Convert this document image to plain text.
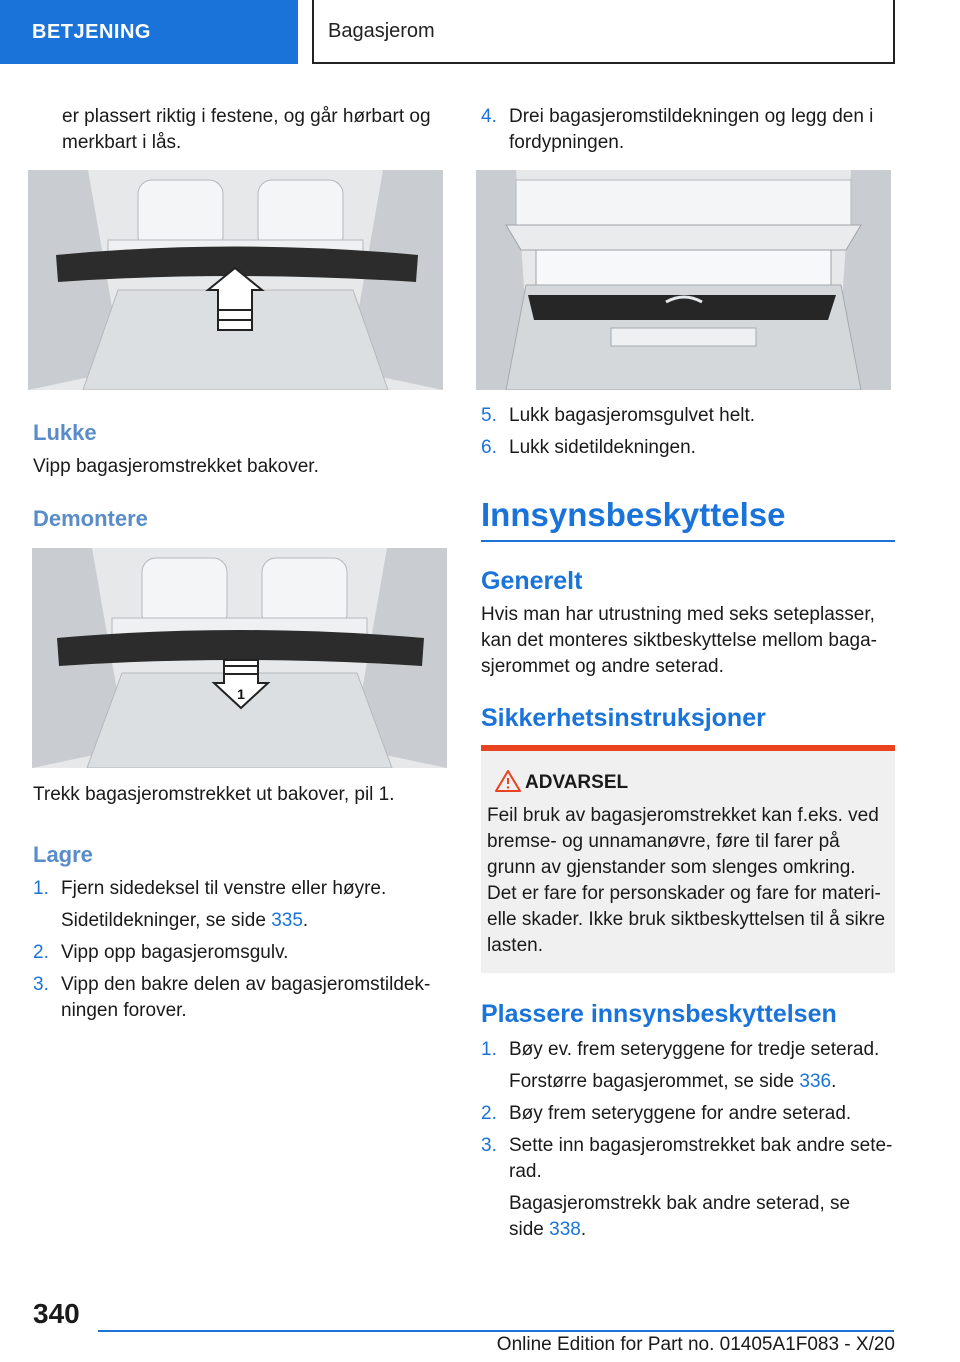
BETJENING	Bagasjerom

er plassert riktig i festene, og går hørbart og merkbart i lås.

Lukke

Vipp bagasjeromstrekket bakover.

Demontere
1

Trekk bagasjeromstrekket ut bakover, pil 1.

Lagre
1. Fjern sidedeksel til venstre eller høyre.
Sidetildekninger, se side 335.
2. Vipp opp bagasjeromsgulv.
3. Vipp den bakre delen av bagasjeromstildek-ningen forover.
4. Drei bagasjeromstildekningen og legg den i fordypningen.
5. Lukk bagasjeromsgulvet helt.
6. Lukk sidetildekningen.
Innsynsbeskyttelse
Generelt

Hvis man har utrustning med seks seteplasser, kan det monteres siktbeskyttelse mellom baga-sjerommet og andre seterad.

Sikkerhetsinstruksjoner
ADVARSEL

Feil bruk av bagasjeromstrekket kan f.eks. ved bremse- og unnamanøvre, føre til farer på grunn av gjenstander som slenges omkring. Det er fare for personskader og fare for materi-elle skader. Ikke bruk siktbeskyttelsen til å sikre lasten.

Plassere innsynsbeskyttelsen
1. Bøy ev. frem seteryggene for tredje seterad.
Forstørre bagasjerommet, se side 336.
2. Bøy frem seteryggene for andre seterad.
3. Sette inn bagasjeromstrekket bak andre sete-rad.
Bagasjeromstrekk bak andre seterad, se side 338.
340
Online Edition for Part no. 01405A1F083 - X/20
